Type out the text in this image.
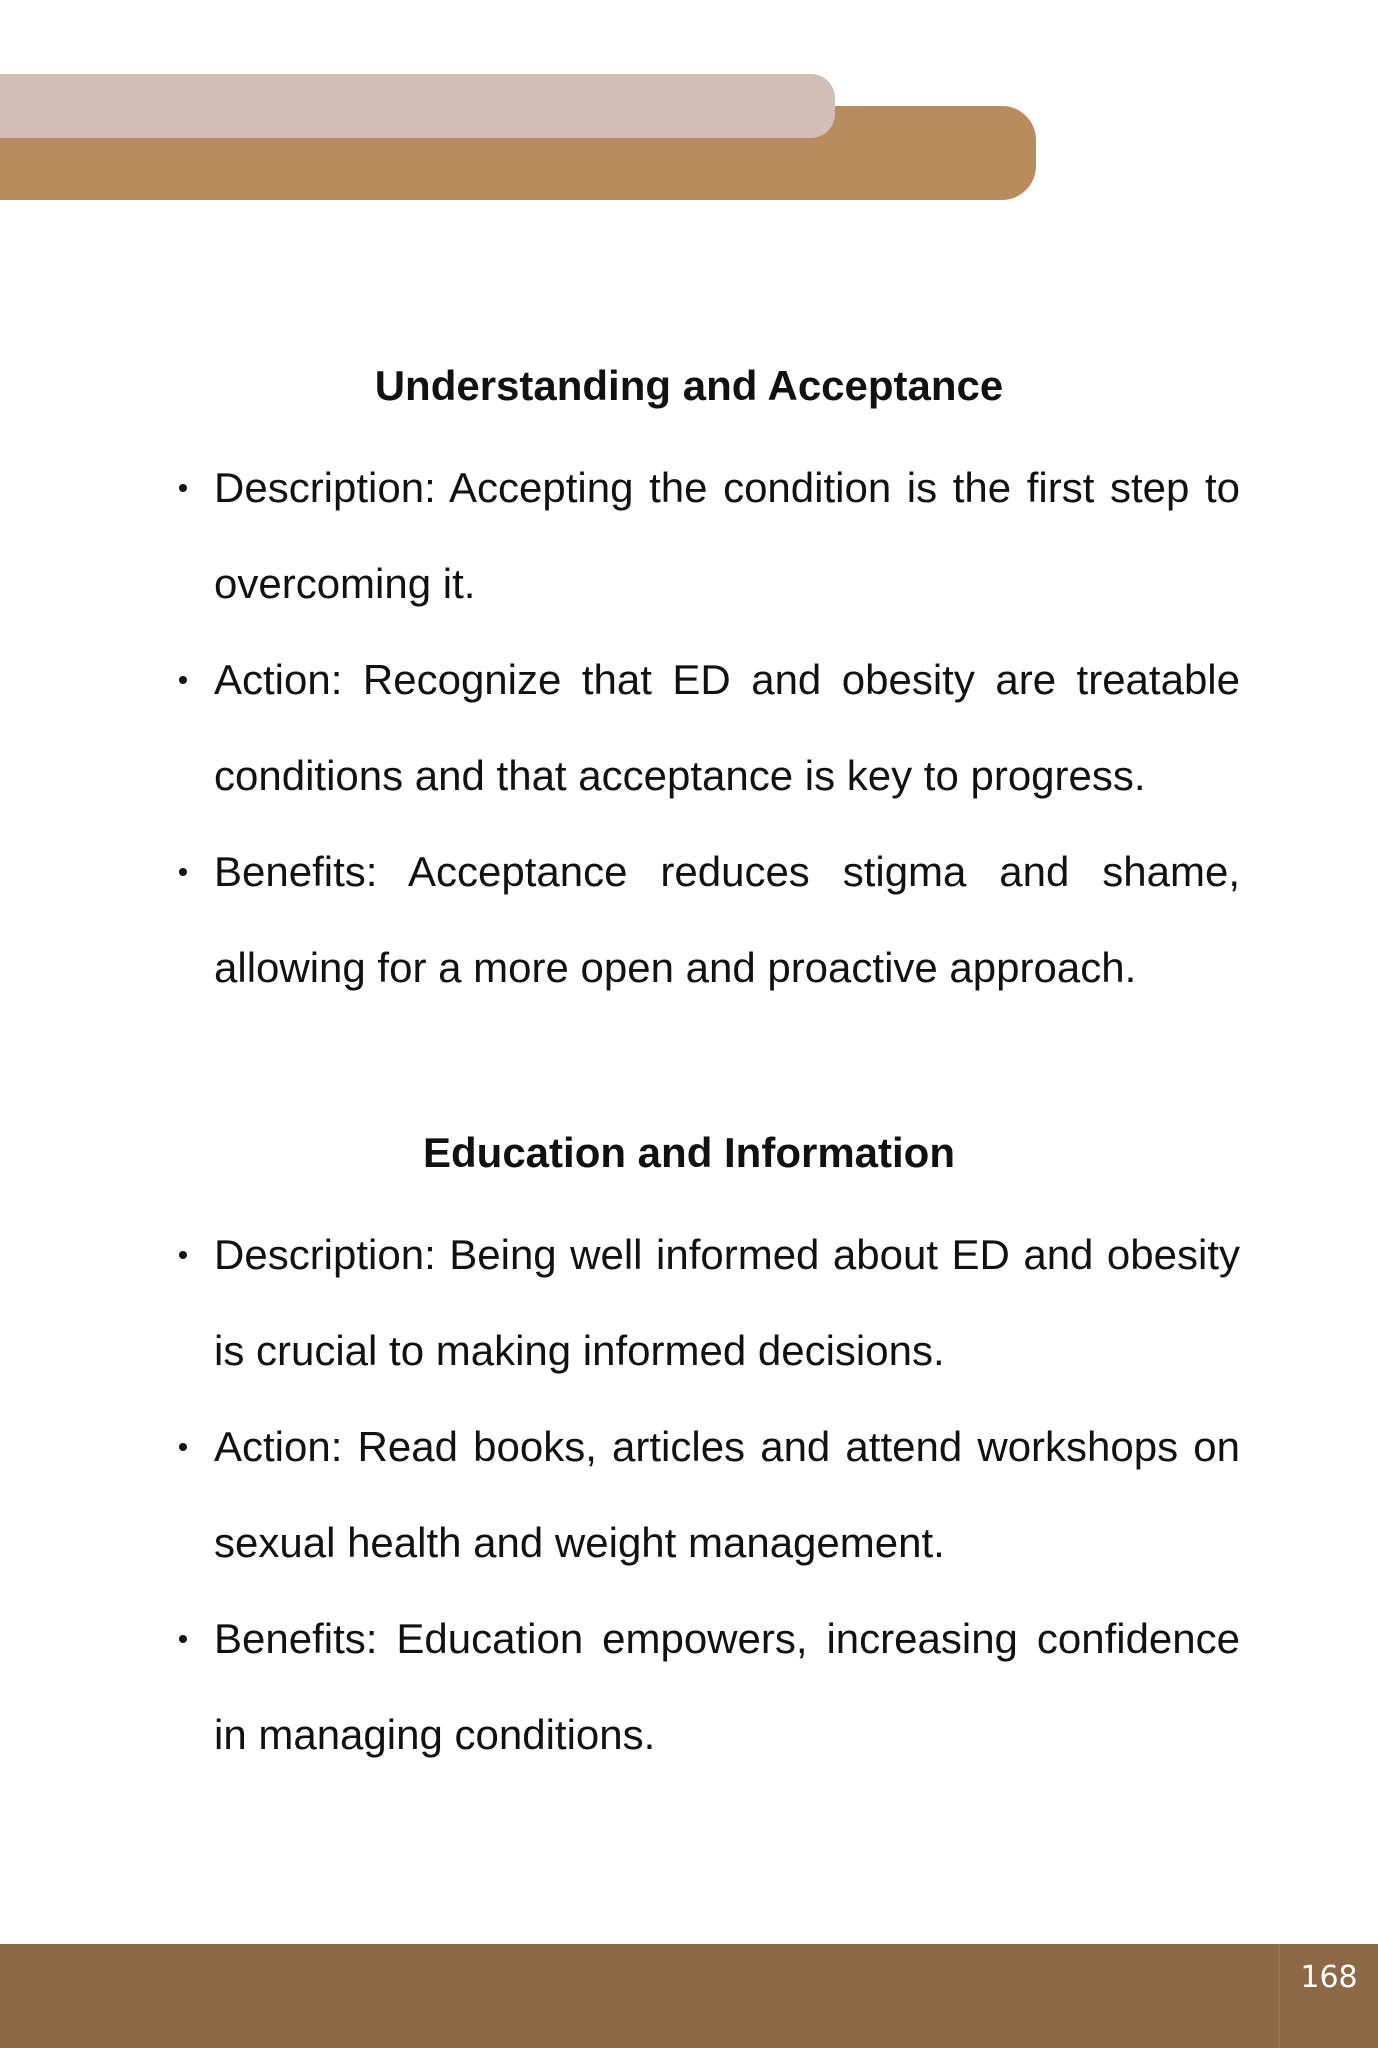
Understanding and Acceptance
Description: Accepting the condition is the first step to overcoming it.
Action: Recognize that ED and obesity are treatable conditions and that acceptance is key to progress.
Benefits: Acceptance reduces stigma and shame, allowing for a more open and proactive approach.
Education and Information
Description: Being well informed about ED and obesity is crucial to making informed decisions.
Action: Read books, articles and attend workshops on sexual health and weight management.
Benefits: Education empowers, increasing confidence in managing conditions.
168
